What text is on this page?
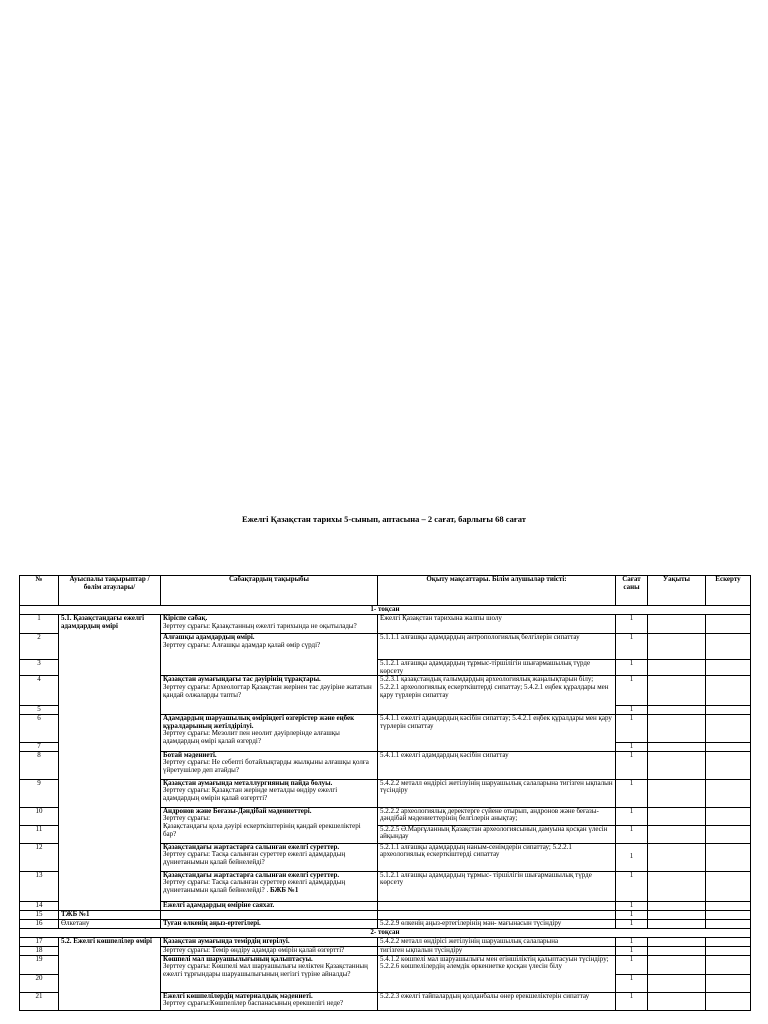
Ежелгі Қазақстан тарихы 5-сынып, аптасына – 2 сағат, барлығы 68 сағат
№	Ауыспалы тақырыптар /бөлім атаулары/	Сабақтардың тақырыбы	Оқыту мақсаттары. Білім алушылар тиісті:	Сағат саны	Уақыты	Ескерту
1- тоқсан						
1	5.1. Қазақстандағы ежелгі адамдардың өмірі	Кіріспе сабақ.
Зерттеу сұрағы: Қазақстанның ежелгі тарихында не оқытылады?	Ежелгі Қазақстан тарихына жалпы шолу	1		
2		Алғашқы адамдардың өмірі.
Зерттеу сұрағы: Алғашқы адамдар қалай өмір сүрді?	5.1.1.1 алғашқы адамдардың антропологиялық белгілерін сипаттау	1		
3			5.1.2.1 алғашқы адамдардың тұрмыс-тіршілігін шығармашылық түрде көрсету	1		
4		Қазақстан аумағындағы тас дәуірінің тұрақтары.
Зерттеу сұрағы: Археологтар Қазақстан жерінен тас дәуіріне жататын қандай олжаларды тапты?	5.2.3.1 қазақстандық ғалымдардың археологиялық жаңалықтарын білу; 5.2.2.1 археологиялық ескерткіштерді сипаттау; 5.4.2.1 еңбек құралдары мен қару түрлерін сипаттау	1		
5				1		
6		Адамдардың шаруашылық өміріндегі өзгерістер және еңбек құралдарының жетілдірілуі.
Зерттеу сұрағы: Мезолит пен неолит дәуірлерінде алғашқы адамдардың өмірі қалай өзгерді?	5.4.1.1 ежелгі адамдардың кәсібін сипаттау; 5.4.2.1 еңбек құралдары мен қару түрлерін сипаттау	1		
7				1		
8		Ботай мәдениеті.
Зерттеу сұрағы: Не себепті ботайлықтарды жылқыны алғашқы қолға үйретушілер деп атайды?	5.4.1.1 ежелгі адамдардың кәсібін сипаттау	1		
9		Қазақстан аумағында металлургияның пайда болуы.
Зерттеу сұрағы: Қазақстан жерінде металды өндіру ежелгі адамдардың өмірін қалай өзгертті?	5.4.2.2 металл өндірісі жетілуінің шаруашылық салаларына тигізген ықпалын түсіндіру	1		
10		Андронов және Беғазы-Дәндібай мәдениеттері.
Зерттеу сұрағы:
Қазақстандағы қола дәуірі ескерткіштерінің қандай ерекшеліктері бар?	5.2.2.2 археологиялық деректерге сүйене отырып, андронов және беғазы-дәндібай мәдениеттерінің белгілерін анықтау;	1		
11			5.2.2.5 Ә.Марғұланның Қазақстан археологиясының дамуына қосқан үлесін айқындау	1		
12		Қазақстандағы жартастарға салынған ежелгі суреттер.
Зерттеу сұрағы: Тасқа салынған суреттер ежелгі адамдардың дүниетанымын қалай бейнелейді?	5.2.1.1 алғашқы адамдардың наным-сенімдерін сипаттау; 5.2.2.1 археологиялық ескерткіштерді сипаттау	1		
13		Қазақстандағы жартастарға салынған ежелгі суреттер.
Зерттеу сұрағы: Тасқа салынған суреттер ежелгі адамдардың дүниетанымын қалай бейнелейді? . БЖБ №1	5.1.2.1 алғашқы адамдардың тұрмыс- тіршілігін шығармашылық түрде көрсету	1		
14		Ежелгі адамдардың өміріне саяхат.		1		
15	ТЖБ №1			1		
16	Өлкетану	Туған өлкенің аңыз-ертегілері.	5.2.2.9 өлкенің аңыз-ертегілерінің мән- мағынасын түсіндіру	1		
2- тоқсан						
17	5.2. Ежелгі көшпелілер өмірі	Қазақстан аумағында темірдің игерілуі.	5.4.2.2 металл өндірісі жетілуінің шаруашылық салаларына	1		
18		Зерттеу сұрағы: Темір өндіру адамдар өмірін қалай өзгертті?	тигізген ықпалын түсіндіру	1		
19		Көшпелі мал шаруашылығының қалыптасуы.
Зерттеу сұрағы: Көшпелі мал шаруашылығы неліктен Қазақстанның ежелгі тұрғындары шаруашылығының негізгі түріне айналды?	5.4.1.2 көшпелі мал шаруашылығы мен егіншіліктің қалыптасуын түсіндіру; 5.2.2.6 көшпелілердің әлемдік өркениетке қосқан үлесін білу	1		
20				1		
21		Ежелгі көшпелілердің материалдық мәдениеті.
Зерттеу сұрағы:Көшпелілер баспанасының ерекшелігі неде?	5.2.2.3 ежелгі тайпалардың қолданбалы өнер ерекшеліктерін сипаттау	1		
